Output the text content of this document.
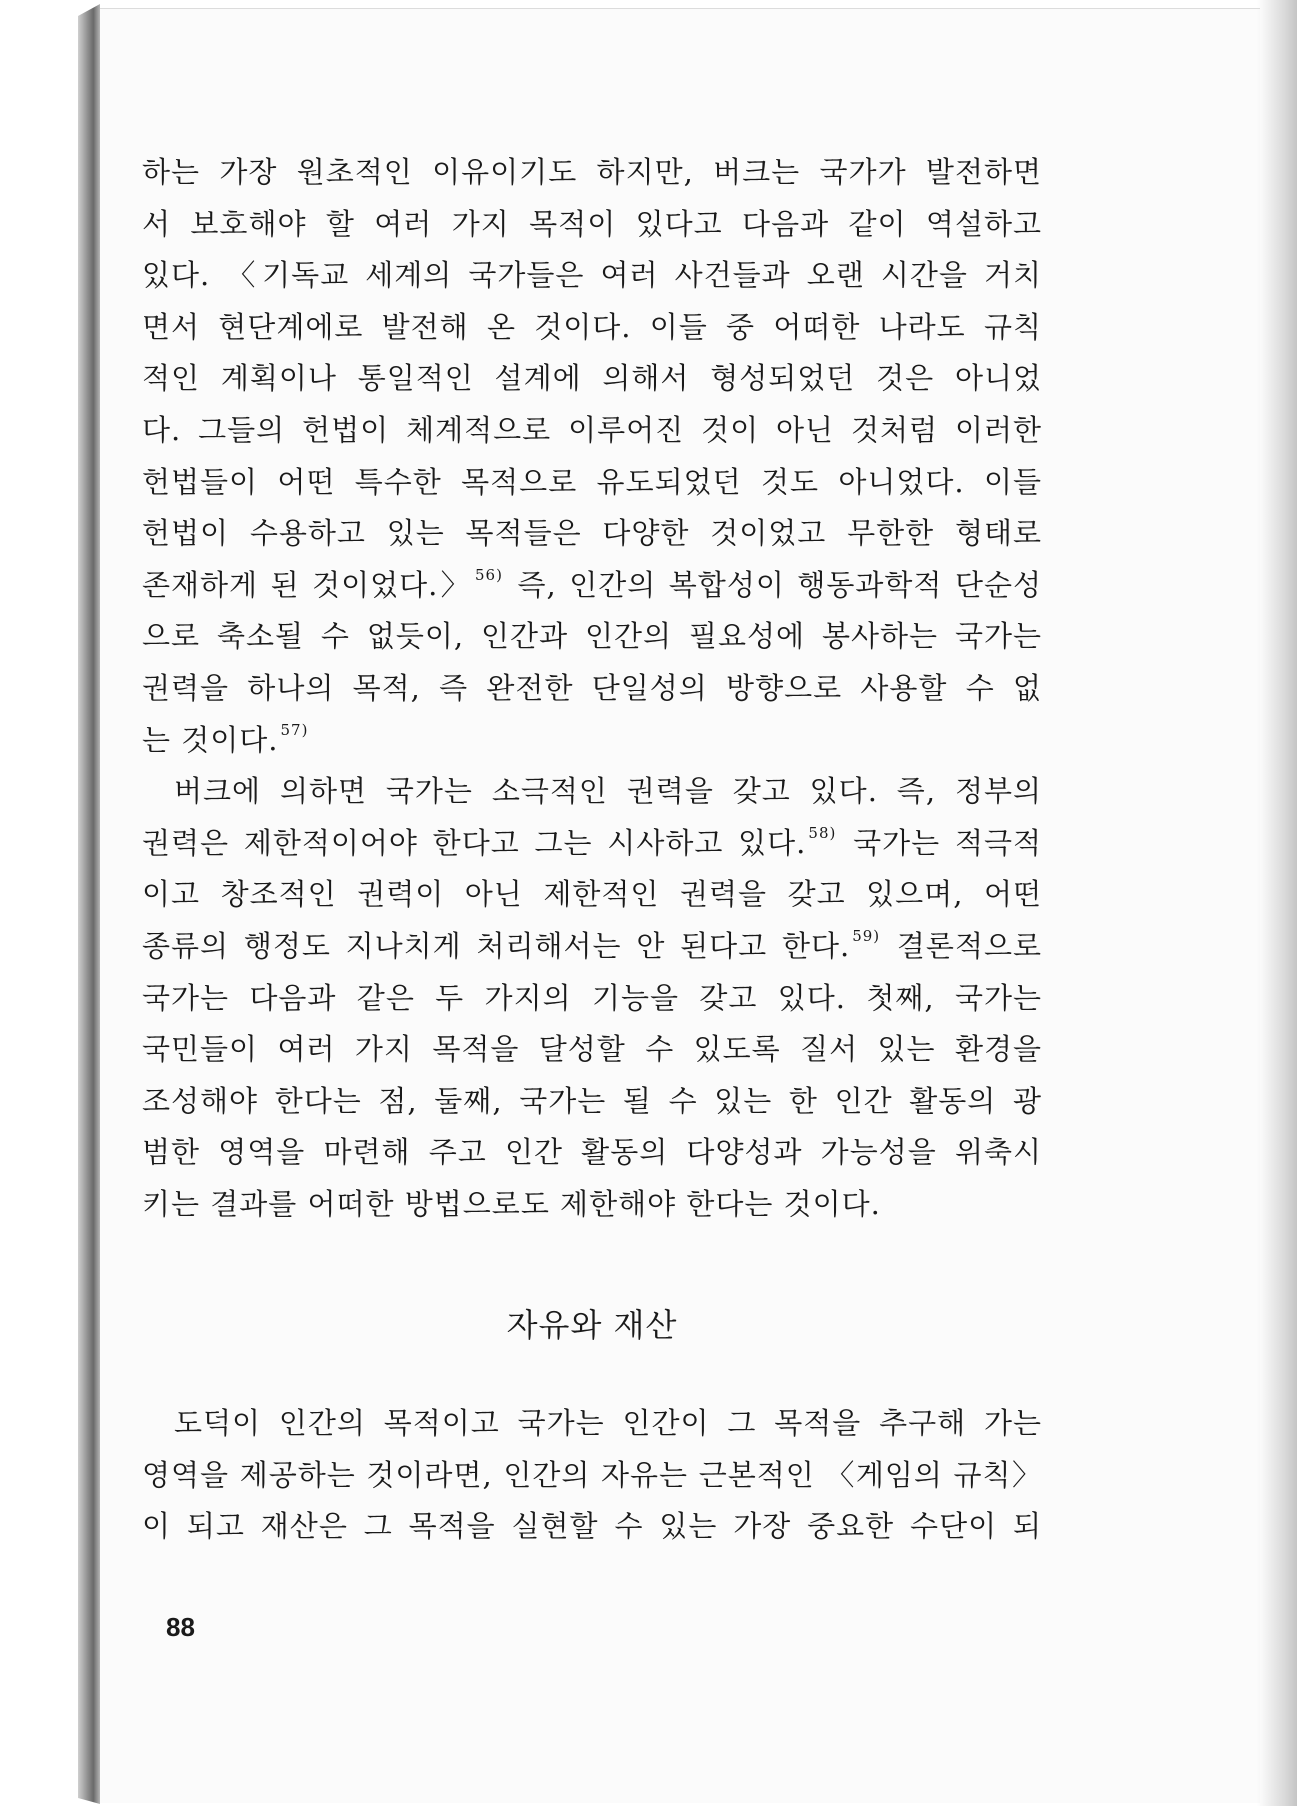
하는 가장 원초적인 이유이기도 하지만, 버크는 국가가 발전하면
서 보호해야 할 여러 가지 목적이 있다고 다음과 같이 역설하고
있다. 〈기독교 세계의 국가들은 여러 사건들과 오랜 시간을 거치
면서 현단계에로 발전해 온 것이다. 이들 중 어떠한 나라도 규칙
적인 계획이나 통일적인 설계에 의해서 형성되었던 것은 아니었
다. 그들의 헌법이 체계적으로 이루어진 것이 아닌 것처럼 이러한
헌법들이 어떤 특수한 목적으로 유도되었던 것도 아니었다. 이들
헌법이 수용하고 있는 목적들은 다양한 것이었고 무한한 형태로
존재하게 된 것이었다.〉 $^{56)}$ 즉, 인간의 복합성이 행동과학적 단순성
으로 축소될 수 없듯이, 인간과 인간의 필요성에 봉사하는 국가는
권력을 하나의 목적, 즉 완전한 단일성의 방향으로 사용할 수 없
는 것이다. $^{57)}$
버크에 의하면 국가는 소극적인 권력을 갖고 있다. 즉, 정부의
권력은 제한적이어야 한다고 그는 시사하고 있다. $^{58)}$ 국가는 적극적
이고 창조적인 권력이 아닌 제한적인 권력을 갖고 있으며, 어떤
종류의 행정도 지나치게 처리해서는 안 된다고 한다. $^{59)}$ 결론적으로
국가는 다음과 같은 두 가지의 기능을 갖고 있다. 첫째, 국가는
국민들이 여러 가지 목적을 달성할 수 있도록 질서 있는 환경을
조성해야 한다는 점, 둘째, 국가는 될 수 있는 한 인간 활동의 광
범한 영역을 마련해 주고 인간 활동의 다양성과 가능성을 위축시
키는 결과를 어떠한 방법으로도 제한해야 한다는 것이다.
자유와 재산
도덕이 인간의 목적이고 국가는 인간이 그 목적을 추구해 가는
영역을 제공하는 것이라면, 인간의 자유는 근본적인 〈게임의 규칙〉
이 되고 재산은 그 목적을 실현할 수 있는 가장 중요한 수단이 되
88
